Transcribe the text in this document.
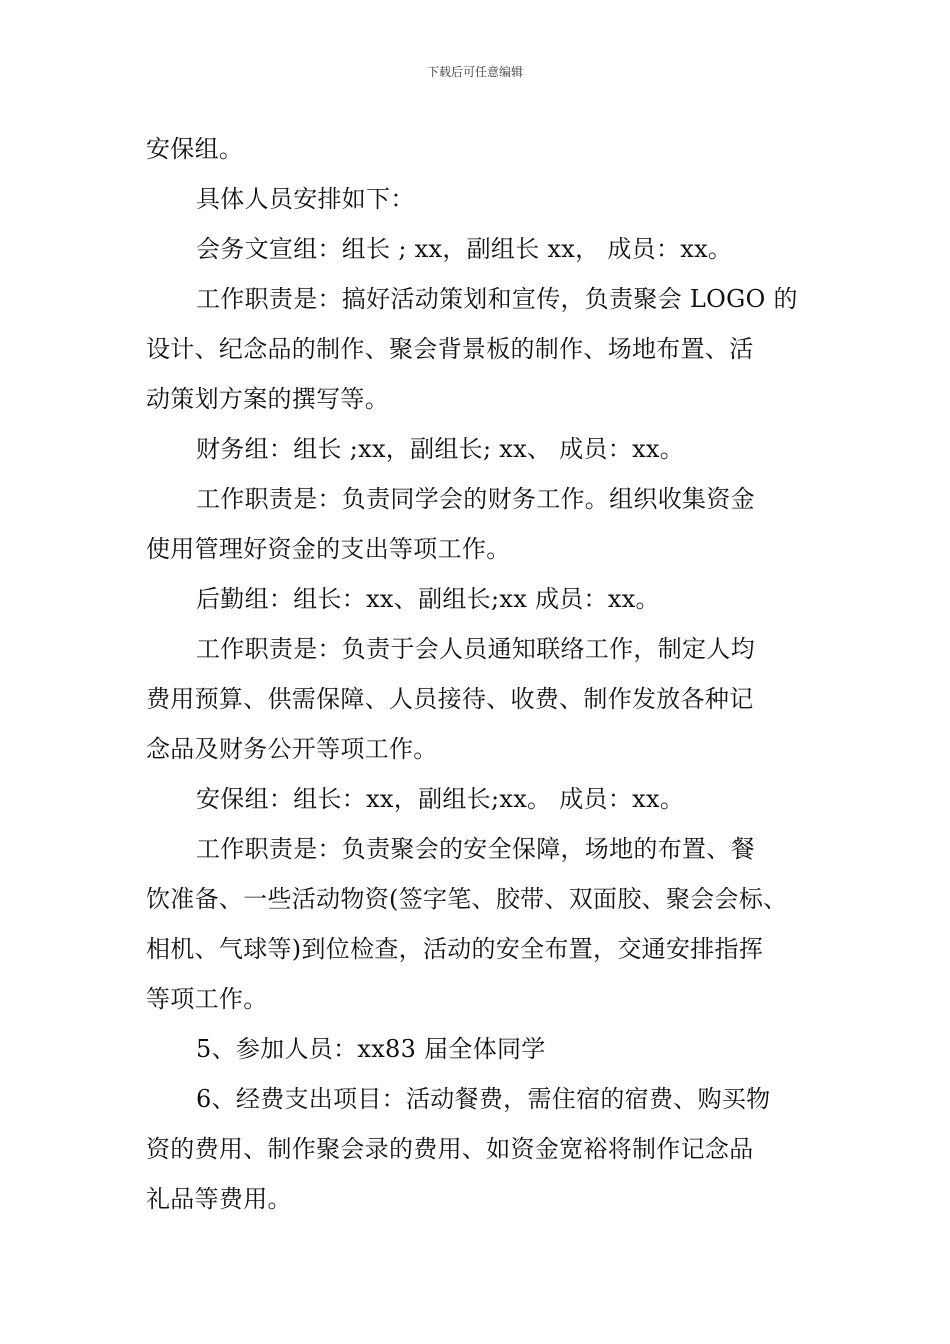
下载后可任意编辑
安保组。
具体人员安排如下：
会务文宣组：组长 ; xx，副组长 xx， 成员：xx。
工作职责是：搞好活动策划和宣传，负责聚会 LOGO 的
设计、纪念品的制作、聚会背景板的制作、场地布置、活
动策划方案的撰写等。
财务组：组长 ;xx，副组长; xx、 成员：xx。
工作职责是：负责同学会的财务工作。组织收集资金
使用管理好资金的支出等项工作。
后勤组：组长：xx、副组长;xx 成员：xx。
工作职责是：负责于会人员通知联络工作，制定人均
费用预算、供需保障、人员接待、收费、制作发放各种记
念品及财务公开等项工作。
安保组：组长：xx，副组长;xx。 成员：xx。
工作职责是：负责聚会的安全保障，场地的布置、餐
饮准备、一些活动物资(签字笔、胶带、双面胶、聚会会标、
相机、气球等)到位检查，活动的安全布置，交通安排指挥
等项工作。
5、参加人员：xx83 届全体同学
6、经费支出项目：活动餐费，需住宿的宿费、购买物
资的费用、制作聚会录的费用、如资金宽裕将制作记念品
礼品等费用。
